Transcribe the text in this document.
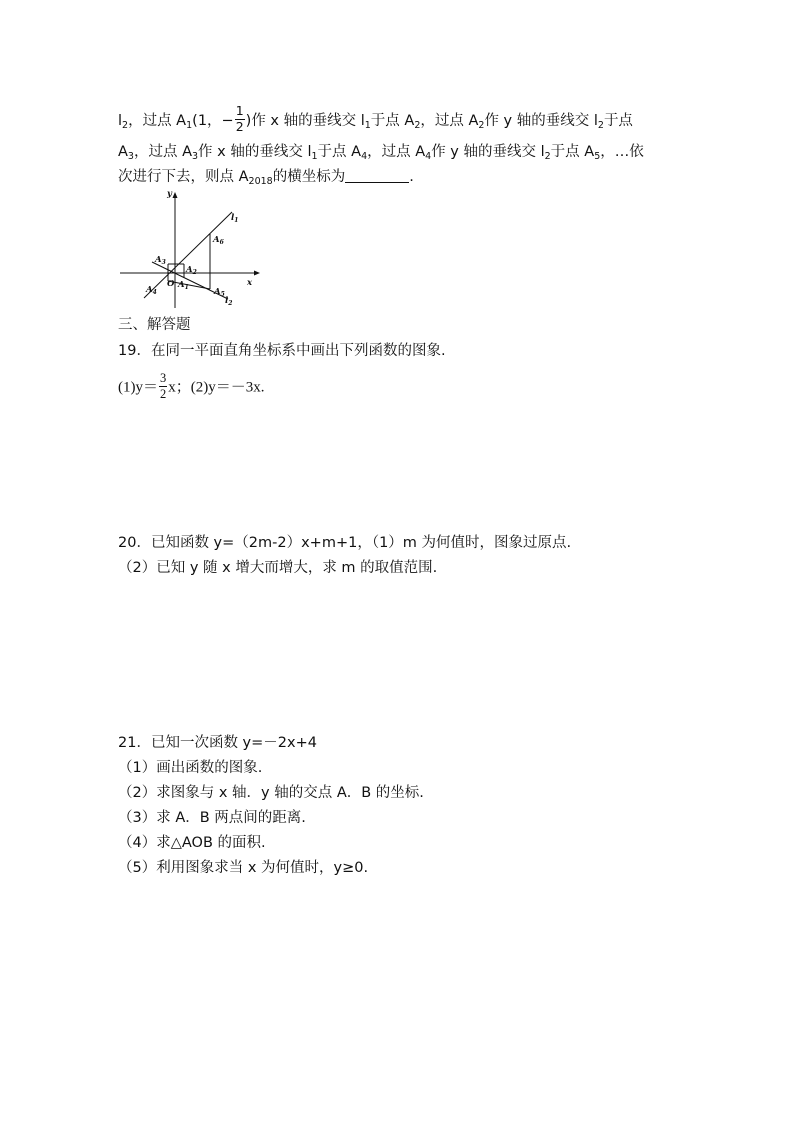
$l_2$，过点 $A_1(1$，− $\frac{1}{2}$ )作 x 轴的垂线交 $l_1$于点 $A_2$，过点 $A_2$作 y 轴的垂线交 $l_2$于点
$A_3$，过点 $A_3$作 x 轴的垂线交 $l_1$于点 $A_4$，过点 $A_4$作 y 轴的垂线交 $l_2$于点 $A_5$，…依
次进行下去，则点 $A_{2018}$的横坐标为	.
y
x
$l_1$
$l_2$
O $A_1$
$A_2$
$A_3$
$A_4$	$A_5$
$A_6$
三、解答题
19．在同一平面直角坐标系中画出下列函数的图象.
$(1)y= \frac{3}{2}$ x；(2)y＝－3x.
20．已知函数 y=（2m-2）x+m+1，（1）m 为何值时，图象过原点.
（2）已知 y 随 x 增大而增大，求 m 的取值范围.
21．已知一次函数 y=－2x+4
（1）画出函数的图象.
（2）求图象与 x 轴．y 轴的交点 A．B 的坐标.
（3）求 A．B 两点间的距离.
（4）求△AOB 的面积.
（5）利用图象求当 x 为何值时，y≥0.
